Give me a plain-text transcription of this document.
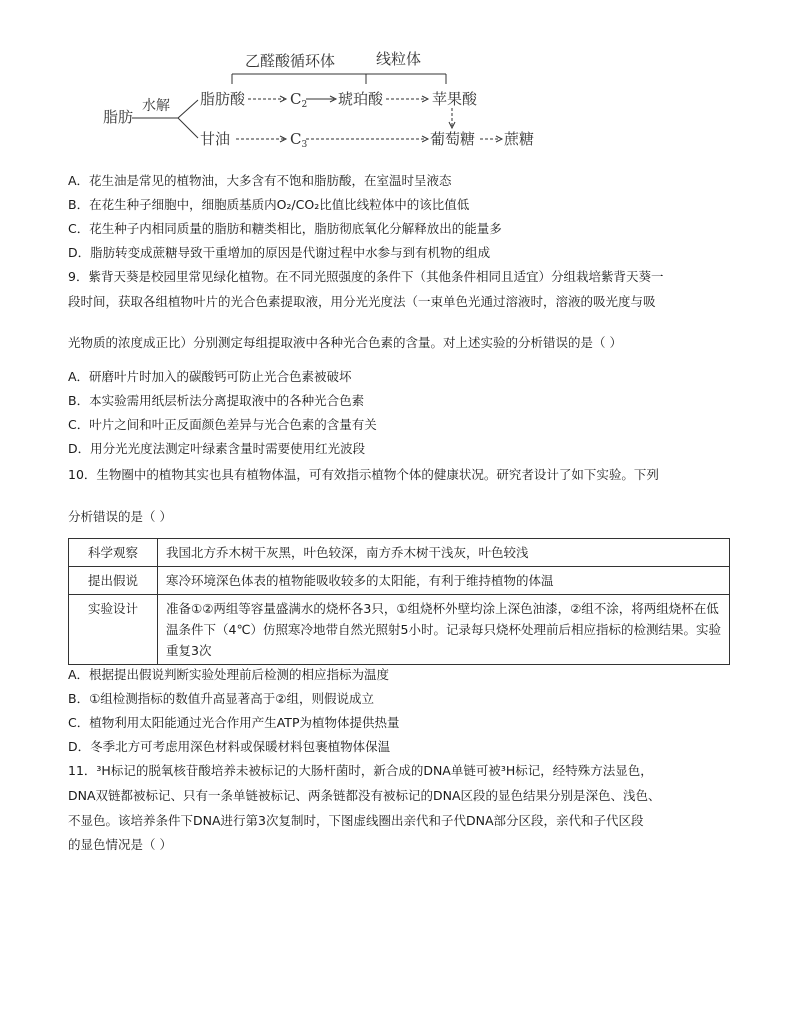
乙醛酸循环体	线粒体
脂肪
水解 脂肪酸	$C_2$ 琥珀酸	苹果酸
甘油	$C_3$	葡萄糖 蔗糖
A．花生油是常见的植物油，大多含有不饱和脂肪酸，在室温时呈液态
B．在花生种子细胞中，细胞质基质内O₂/CO₂比值比线粒体中的该比值低
C．花生种子内相同质量的脂肪和糖类相比，脂肪彻底氧化分解释放出的能量多
D．脂肪转变成蔗糖导致干重增加的原因是代谢过程中水参与到有机物的组成
9．紫背天葵是校园里常见绿化植物。在不同光照强度的条件下（其他条件相同且适宜）分组栽培紫背天葵一
段时间，获取各组植物叶片的光合色素提取液，用分光光度法（一束单色光通过溶液时，溶液的吸光度与吸
光物质的浓度成正比）分别测定每组提取液中各种光合色素的含量。对上述实验的分析错误的是（ ）
A．研磨叶片时加入的碳酸钙可防止光合色素被破坏
B．本实验需用纸层析法分离提取液中的各种光合色素
C．叶片之间和叶正反面颜色差异与光合色素的含量有关
D．用分光光度法测定叶绿素含量时需要使用红光波段
10．生物圈中的植物其实也具有植物体温，可有效指示植物个体的健康状况。研究者设计了如下实验。下列
分析错误的是（ ）
科学观察	我国北方乔木树干灰黑，叶色较深，南方乔木树干浅灰，叶色较浅
提出假说	寒冷环境深色体表的植物能吸收较多的太阳能，有利于维持植物的体温
实验设计	准备①②两组等容量盛满水的烧杯各3只，①组烧杯外壁均涂上深色油漆，②组不涂，将两组烧杯在低温条件下（4℃）仿照寒冷地带自然光照射5小时。记录每只烧杯处理前后相应指标的检测结果。实验重复3次
A．根据提出假说判断实验处理前后检测的相应指标为温度
B．①组检测指标的数值升高显著高于②组，则假说成立
C．植物利用太阳能通过光合作用产生ATP为植物体提供热量
D．冬季北方可考虑用深色材料或保暖材料包裹植物体保温
11．³H标记的脱氧核苷酸培养未被标记的大肠杆菌时，新合成的DNA单链可被³H标记，经特殊方法显色，
DNA双链都被标记、只有一条单链被标记、两条链都没有被标记的DNA区段的显色结果分别是深色、浅色、
不显色。该培养条件下DNA进行第3次复制时，下图虚线圈出亲代和子代DNA部分区段，亲代和子代区段
的显色情况是（ ）
